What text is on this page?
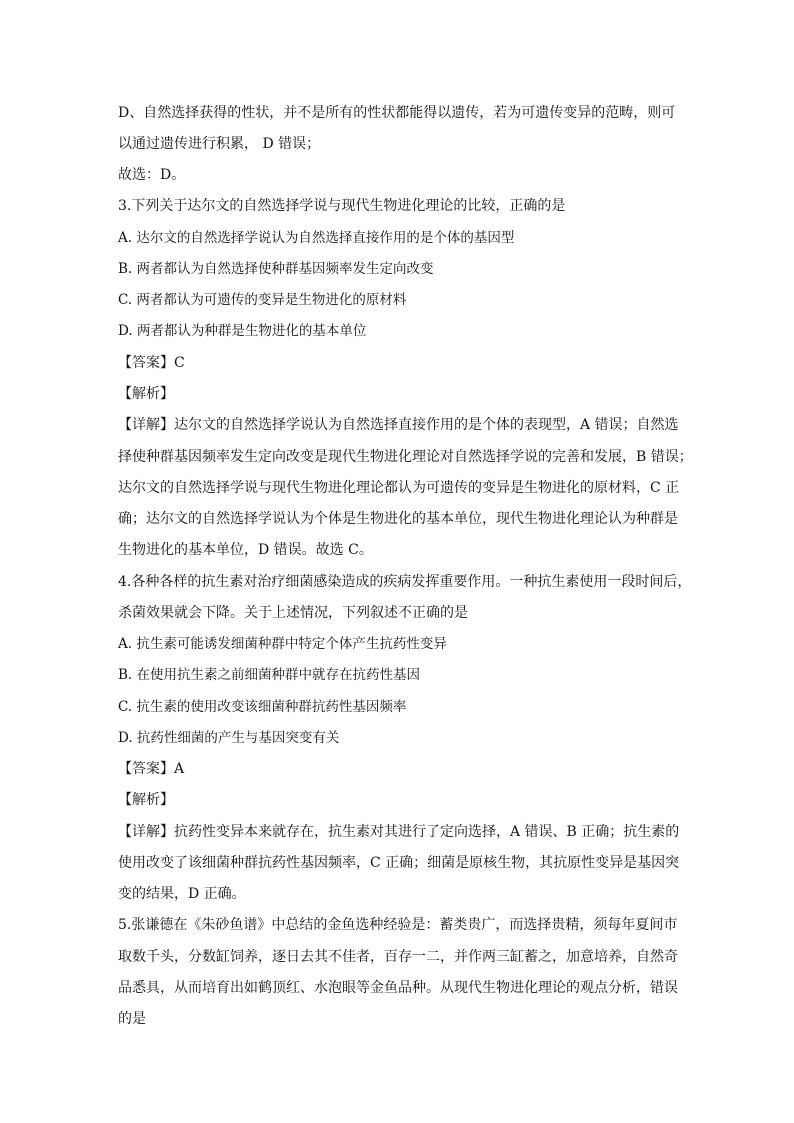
D、自然选择获得的性状，并不是所有的性状都能得以遗传，若为可遗传变异的范畴，则可
以通过遗传进行积累， D 错误；
故选：D。
3.下列关于达尔文的自然选择学说与现代生物进化理论的比较，正确的是
A. 达尔文的自然选择学说认为自然选择直接作用的是个体的基因型
B. 两者都认为自然选择使种群基因频率发生定向改变
C. 两者都认为可遗传的变异是生物进化的原材料
D. 两者都认为种群是生物进化的基本单位
【答案】C
【解析】
【详解】达尔文的自然选择学说认为自然选择直接作用的是个体的表现型，A 错误；自然选
择使种群基因频率发生定向改变是现代生物进化理论对自然选择学说的完善和发展，B 错误；
达尔文的自然选择学说与现代生物进化理论都认为可遗传的变异是生物进化的原材料，C 正
确；达尔文的自然选择学说认为个体是生物进化的基本单位，现代生物进化理论认为种群是
生物进化的基本单位，D 错误。故选 C。
4.各种各样的抗生素对治疗细菌感染造成的疾病发挥重要作用。一种抗生素使用一段时间后，
杀菌效果就会下降。关于上述情况，下列叙述不正确的是
A. 抗生素可能诱发细菌种群中特定个体产生抗药性变异
B. 在使用抗生素之前细菌种群中就存在抗药性基因
C. 抗生素的使用改变该细菌种群抗药性基因频率
D. 抗药性细菌的产生与基因突变有关
【答案】A
【解析】
【详解】抗药性变异本来就存在，抗生素对其进行了定向选择，A 错误、B 正确；抗生素的
使用改变了该细菌种群抗药性基因频率，C 正确；细菌是原核生物，其抗原性变异是基因突
变的结果，D 正确。
5.张谦德在《朱砂鱼谱》中总结的金鱼选种经验是：蓄类贵广，而选择贵精，须每年夏间市
取数千头，分数缸饲养，逐日去其不佳者，百存一二，并作两三缸蓄之，加意培养，自然奇
品悉具，从而培育出如鹤顶红、水泡眼等金鱼品种。从现代生物进化理论的观点分析，错误
的是
